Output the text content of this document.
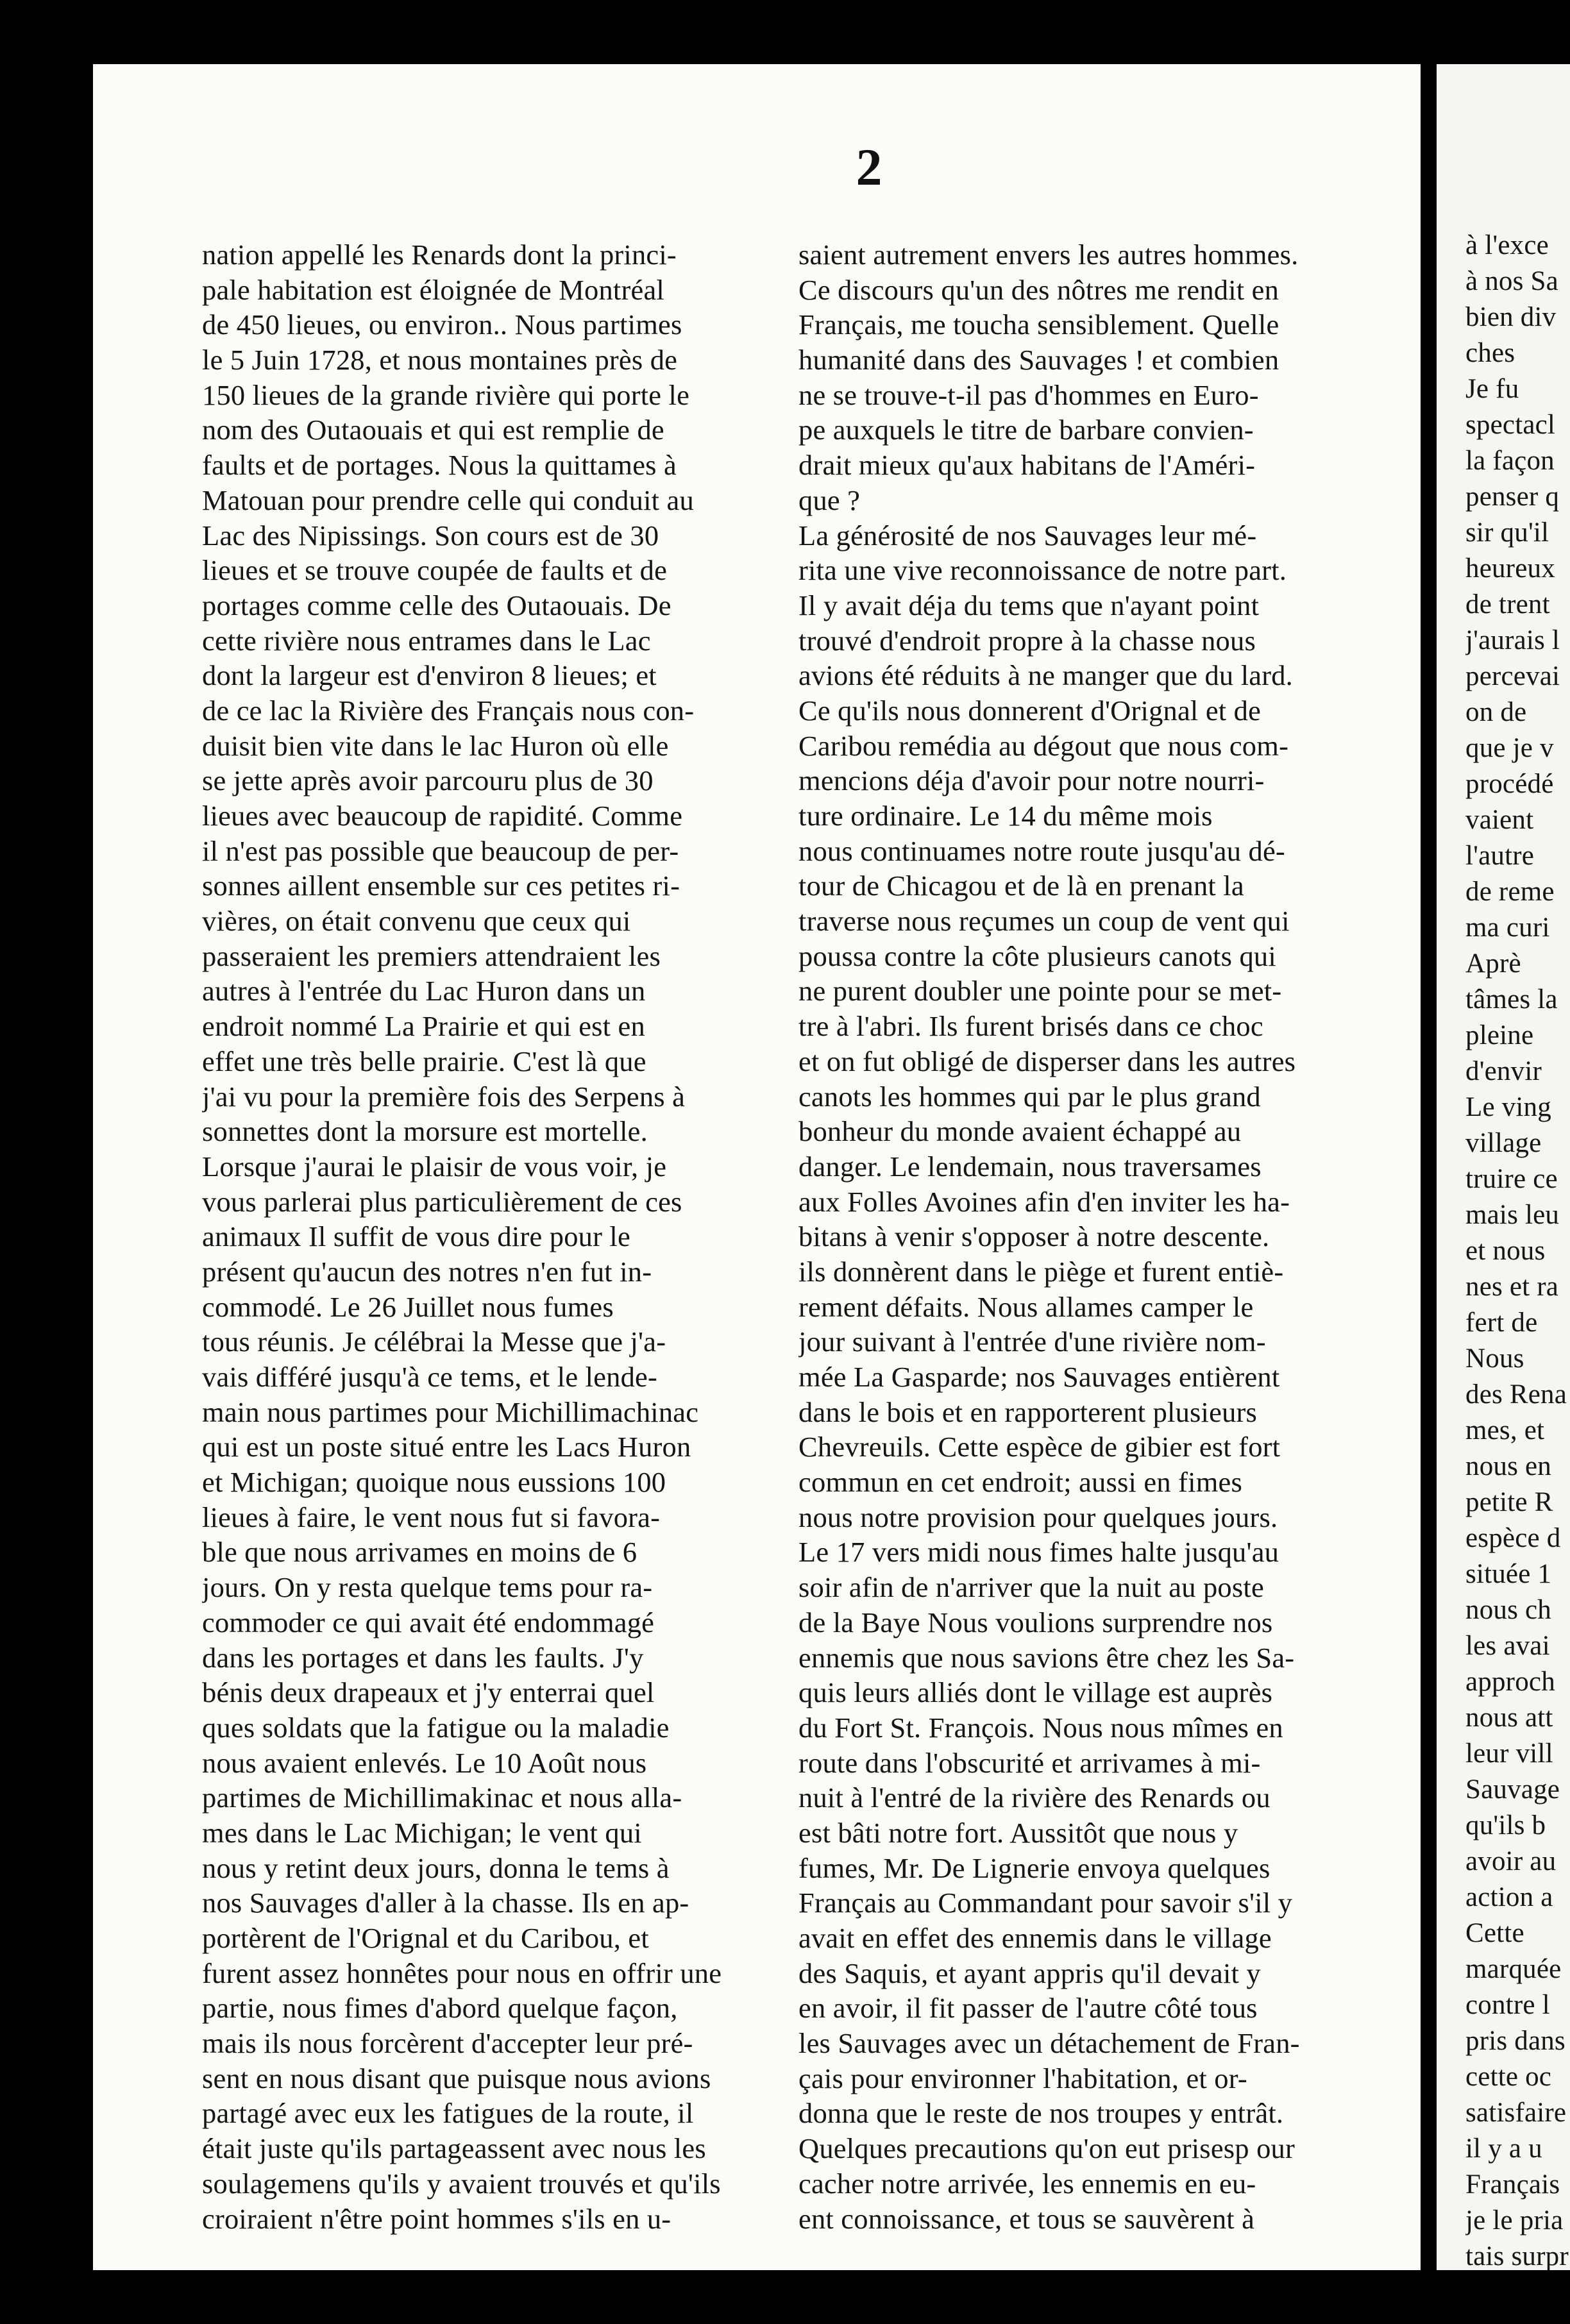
2
nation appellé les Renards dont la princi-
pale habitation est éloignée de Montréal
de 450 lieues, ou environ.. Nous partimes
le 5 Juin 1728, et nous montaines près de
150 lieues de la grande rivière qui porte le
nom des Outaouais et qui est remplie de
faults et de portages. Nous la quittames à
Matouan pour prendre celle qui conduit au
Lac des Nipissings. Son cours est de 30
lieues et se trouve coupée de faults et de
portages comme celle des Outaouais. De
cette rivière nous entrames dans le Lac
dont la largeur est d'environ 8 lieues; et
de ce lac la Rivière des Français nous con-
duisit bien vite dans le lac Huron où elle
se jette après avoir parcouru plus de 30
lieues avec beaucoup de rapidité. Comme
il n'est pas possible que beaucoup de per-
sonnes aillent ensemble sur ces petites ri-
vières, on était convenu que ceux qui
passeraient les premiers attendraient les
autres à l'entrée du Lac Huron dans un
endroit nommé La Prairie et qui est en
effet une très belle prairie. C'est là que
j'ai vu pour la première fois des Serpens à
sonnettes dont la morsure est mortelle.
Lorsque j'aurai le plaisir de vous voir, je
vous parlerai plus particulièrement de ces
animaux Il suffit de vous dire pour le
présent qu'aucun des notres n'en fut in-
commodé. Le 26 Juillet nous fumes
tous réunis. Je célébrai la Messe que j'a-
vais différé jusqu'à ce tems, et le lende-
main nous partimes pour Michillimachinac
qui est un poste situé entre les Lacs Huron
et Michigan; quoique nous eussions 100
lieues à faire, le vent nous fut si favora-
ble que nous arrivames en moins de 6
jours. On y resta quelque tems pour ra-
commoder ce qui avait été endommagé
dans les portages et dans les faults. J'y
bénis deux drapeaux et j'y enterrai quel
ques soldats que la fatigue ou la maladie
nous avaient enlevés. Le 10 Août nous
partimes de Michillimakinac et nous alla-
mes dans le Lac Michigan; le vent qui
nous y retint deux jours, donna le tems à
nos Sauvages d'aller à la chasse. Ils en ap-
portèrent de l'Orignal et du Caribou, et
furent assez honnêtes pour nous en offrir une
partie, nous fimes d'abord quelque façon,
mais ils nous forcèrent d'accepter leur pré-
sent en nous disant que puisque nous avions
partagé avec eux les fatigues de la route, il
était juste qu'ils partageassent avec nous les
soulagemens qu'ils y avaient trouvés et qu'ils
croiraient n'être point hommes s'ils en u-
saient autrement envers les autres hommes.
Ce discours qu'un des nôtres me rendit en
Français, me toucha sensiblement. Quelle
humanité dans des Sauvages ! et combien
ne se trouve-t-il pas d'hommes en Euro-
pe auxquels le titre de barbare convien-
drait mieux qu'aux habitans de l'Améri-
que ?
La générosité de nos Sauvages leur mé-
rita une vive reconnoissance de notre part.
Il y avait déja du tems que n'ayant point
trouvé d'endroit propre à la chasse nous
avions été réduits à ne manger que du lard.
Ce qu'ils nous donnerent d'Orignal et de
Caribou remédia au dégout que nous com-
mencions déja d'avoir pour notre nourri-
ture ordinaire. Le 14 du même mois
nous continuames notre route jusqu'au dé-
tour de Chicagou et de là en prenant la
traverse nous reçumes un coup de vent qui
poussa contre la côte plusieurs canots qui
ne purent doubler une pointe pour se met-
tre à l'abri. Ils furent brisés dans ce choc
et on fut obligé de disperser dans les autres
canots les hommes qui par le plus grand
bonheur du monde avaient échappé au
danger. Le lendemain, nous traversames
aux Folles Avoines afin d'en inviter les ha-
bitans à venir s'opposer à notre descente.
ils donnèrent dans le piège et furent entiè-
rement défaits. Nous allames camper le
jour suivant à l'entrée d'une rivière nom-
mée La Gasparde; nos Sauvages entièrent
dans le bois et en rapporterent plusieurs
Chevreuils. Cette espèce de gibier est fort
commun en cet endroit; aussi en fimes
nous notre provision pour quelques jours.
Le 17 vers midi nous fimes halte jusqu'au
soir afin de n'arriver que la nuit au poste
de la Baye Nous voulions surprendre nos
ennemis que nous savions être chez les Sa-
quis leurs alliés dont le village est auprès
du Fort St. François. Nous nous mîmes en
route dans l'obscurité et arrivames à mi-
nuit à l'entré de la rivière des Renards ou
est bâti notre fort. Aussitôt que nous y
fumes, Mr. De Lignerie envoya quelques
Français au Commandant pour savoir s'il y
avait en effet des ennemis dans le village
des Saquis, et ayant appris qu'il devait y
en avoir, il fit passer de l'autre côté tous
les Sauvages avec un détachement de Fran-
çais pour environner l'habitation, et or-
donna que le reste de nos troupes y entrât.
Quelques precautions qu'on eut prisesp our
cacher notre arrivée, les ennemis en eu-
ent connoissance, et tous se sauvèrent à
à l'exce
à nos Sa
bien div
ches
Je fu
spectacl
la façon
penser q
sir qu'il
heureux
de trent
j'aurais l
percevai
on de
que je v
procédé
vaient
l'autre
de reme
ma curi
Aprè
tâmes la
pleine
d'envir
Le ving
village
truire ce
mais leu
et nous
nes et ra
fert de
Nous
des Rena
mes, et
nous en
petite R
espèce d
située 1
nous ch
les avai
approch
nous att
leur vill
Sauvage
qu'ils b
avoir au
action a
Cette
marquée
contre l
pris dans
cette oc
satisfaire
il y a u
Français
je le pria
tais surpr
